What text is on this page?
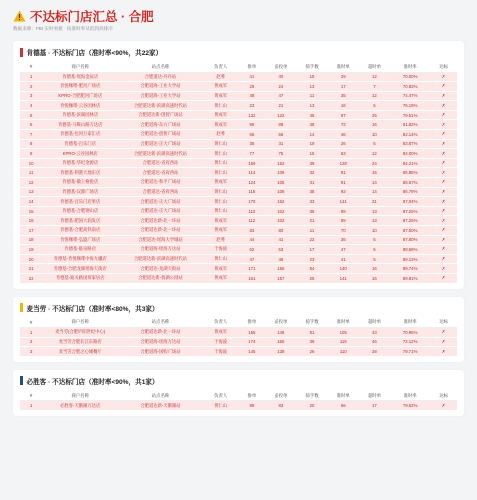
不达标门店汇总 · 合肥
数据来源：FBI 实时看板 · 按准时率从低到高排序
肯德基 · 不达标门店（准时率<90%，共22家）
#	商户名称	站点名称	负责人	推单	妥投单	骑手数	准时单	超时单	准时率	达标
1	肯德基-瑶海金辰店	合肥道达-丹丹站	赵莠	41	40	15	29	12	70.00%	✗
2	肯悦咖啡-肥河广场店	合肥道海-工业大学站	黄成军	29	24	13	17	7	70.83%	✗
3	KPRO-合肥肥河广场店	合肥道海-工业大学站	黄成军	48	47	11	35	12	74.47%	✗
4	肯悦咖啡-云谷园林店	合肥道达新-滨湖高速时代站	黄仁山	23	21	13	16	5	76.19%	✗
5	肯德基-滨湖园林店	合肥道达新-创智广场站	黄成军	132	122	45	97	25	79.51%	✗
6	肯德基-马鞍山路万达店	合肥道海-东方广场站	黄成军	96	88	48	72	16	81.82%	✗
7	肯德基-包河万家汇店	合肥道达-创智广场站	赵莠	66	56	14	46	10	82.14%	✗
8	肯德基-百乐门店	合肥道达-正大广场站	黄仁山	35	31	19	26	5	83.87%	✗
9	KPRO-云谷园林店	合肥道达新-滨湖高速时代站	黄仁山	77	75	15	63	12	84.00%	✗
10	肯德基-华纪金源店	合肥道达-省府西站	黄仁山	159	152	39	128	24	84.21%	✗
11	肯德基-利港天地东店	合肥道达-省府西站	黄仁山	114	106	32	91	15	85.85%	✗
12	肯德基-徽上格悦店	合肥道达-和平广场站	黄成军	124	105	31	91	14	86.67%	✗
13	肯德基-汉源广场店	合肥道达-省府西站	黄仁山	115	106	38	92	14	86.79%	✗
14	肯德基-百乐门店果店	合肥道达-正大广场站	黄仁山	170	162	33	141	21	87.04%	✗
15	肯德基-合肥钢山店	合肥道达-正大广场站	黄仁山	110	102	36	89	13	87.25%	✗
16	肯德基-肥国大润发店	合肥道达新-北一环站	黄成军	112	102	21	89	13	87.25%	✗
17	肯德基-合肥高铁南店	合肥道达新-北一环站	黄成军	83	80	11	70	10	87.50%	✗
18	肯悦咖啡-弘盛广场店	合肥道达-瑶海大学城站	赵莠	44	41	22	36	5	87.80%	✗
19	肯德基-临泉路店	合肥道海-瑶海万达站	于海波	62	53	17	47	6	88.68%	✗
20	肯德基-肯悦咖啡中海九樾店	合肥道达新-滨湖高速时代站	黄仁山	47	46	23	41	5	89.13%	✗
21	肯德基-合肥龙湖瑶海天街店	合肥道达-龙湖天街站	黄成军	171	156	54	140	16	89.74%	✗
22	肯德基-迪关路国贸家居店	合肥道达新-翡湖公园站	黄成军	161	157	25	141	16	89.81%	✗
麦当劳 · 不达标门店（准时率<80%，共3家）
#	商户名称	站点名称	负责人	推单	妥投单	骑手数	准时单	超时单	准时率	达标
1	麦当劳(合肥庐阳世纪中心)	合肥道达新-北一环站	黄成军	155	148	51	105	43	70.95%	✗
2	麦当劳合肥长江东路店	合肥道海-瑶海万达站	于海波	174	165	39	119	46	72.12%	✗
3	麦当劳合肥之心城餐厅	合肥道海-国购广场站	于海波	145	138	26	110	28	79.71%	✗
必胜客 · 不达标门店（准时率<90%，共1家）
#	商户名称	站点名称	负责人	推单	妥投单	骑手数	准时单	超时单	准时率	达标
1	必胜客-天鹅湖万达店	合肥道达新-天鹅湖站	黄仁山	89	83	20	66	17	79.52%	✗
